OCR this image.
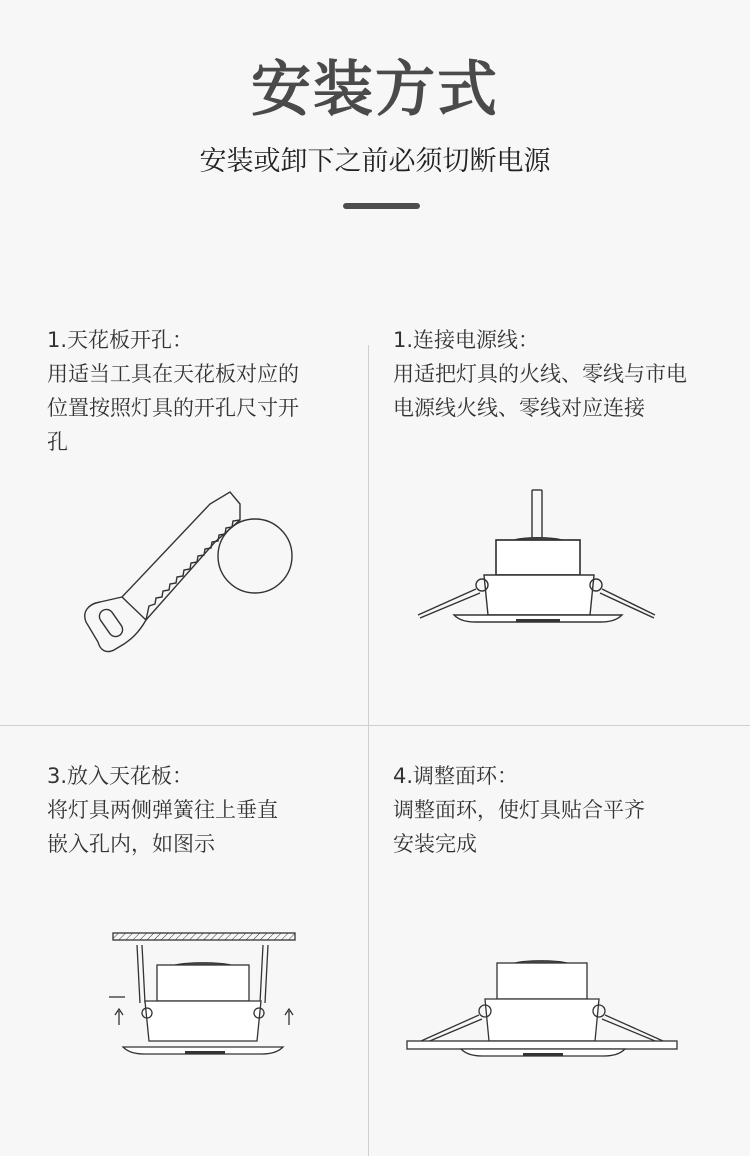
安装方式
安装或卸下之前必须切断电源
1.天花板开孔：
用适当工具在天花板对应的
位置按照灯具的开孔尺寸开
孔
1.连接电源线：
用适把灯具的火线、零线与市电
电源线火线、零线对应连接
3.放入天花板：
将灯具两侧弹簧往上垂直
嵌入孔内，如图示
4.调整面环：
调整面环，使灯具贴合平齐
安装完成
